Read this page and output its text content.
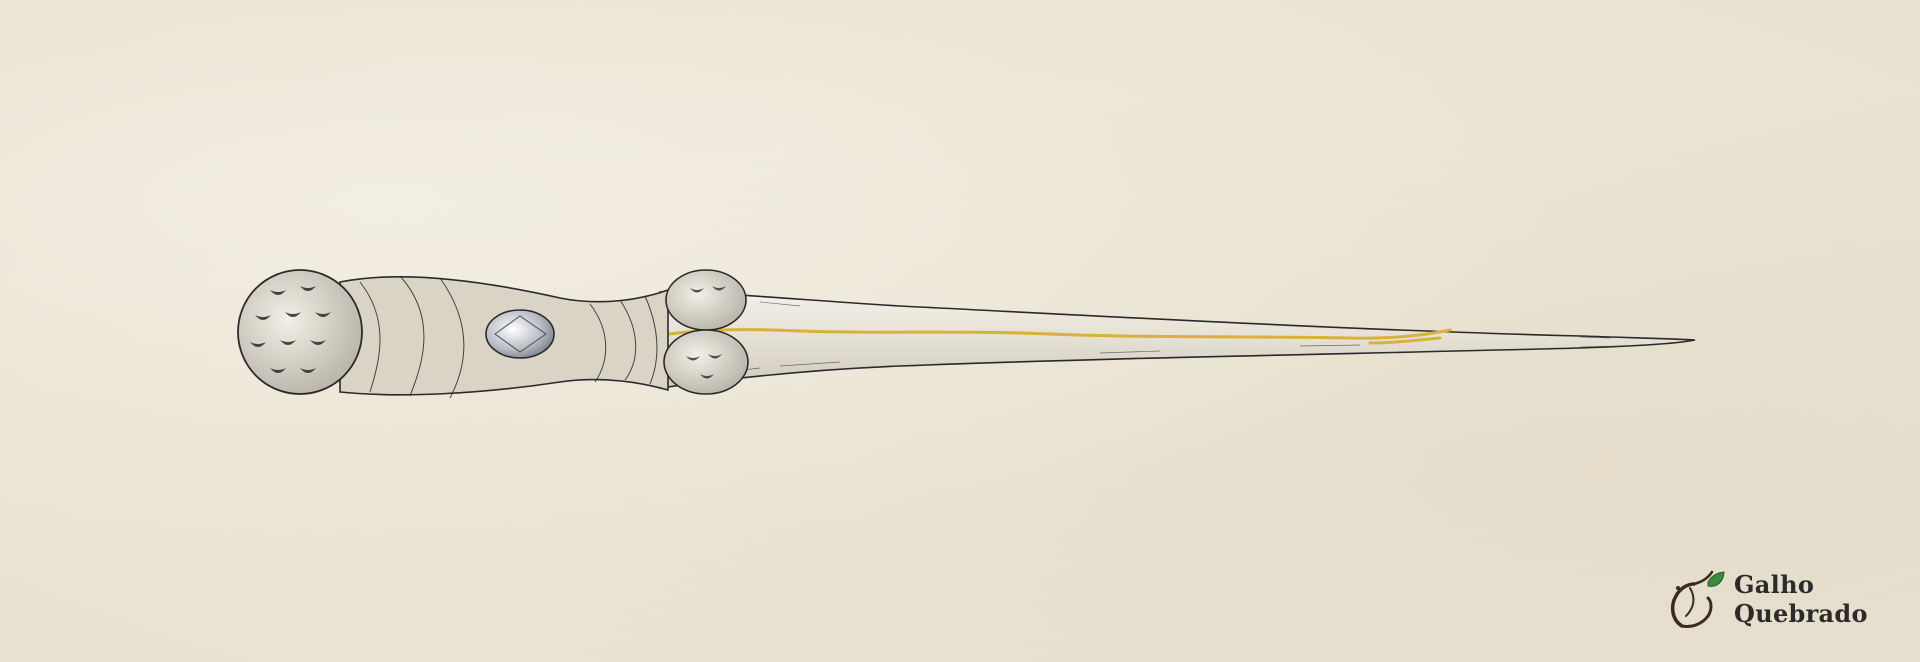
Galho
Quebrado
